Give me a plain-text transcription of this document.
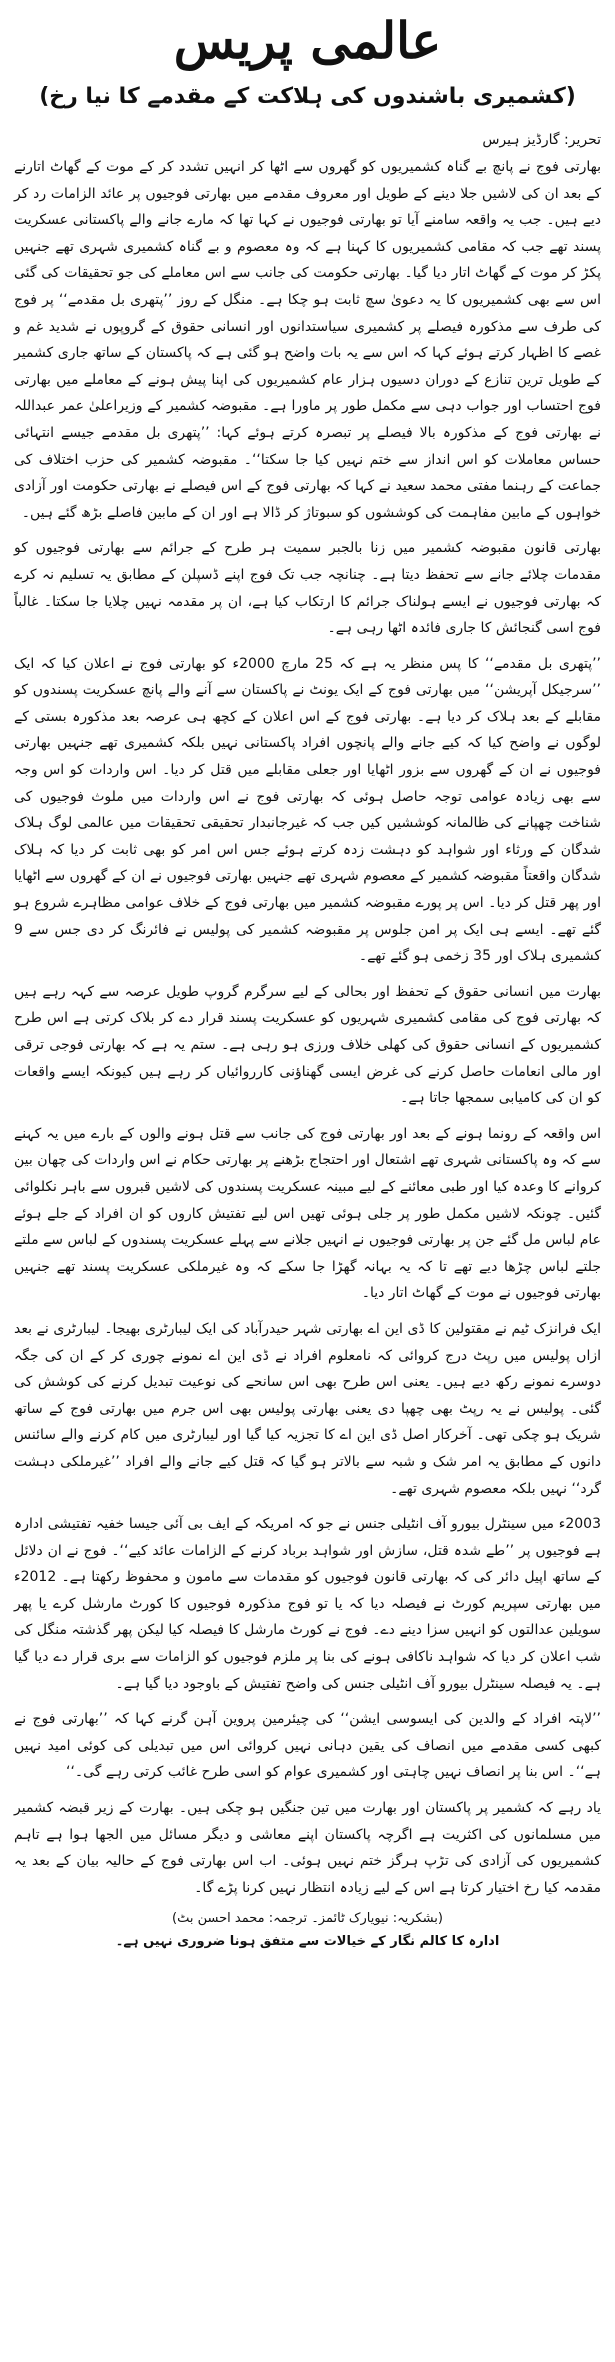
عالمی پریس
(کشمیری باشندوں کی ہلاکت کے مقدمے کا نیا رخ)
تحریر: گارڈیز ہیرس

بھارتی فوج نے پانچ بے گناہ کشمیریوں کو گھروں سے اٹھا کر انہیں تشدد کر کے موت کے گھاٹ اتارنے کے بعد ان کی لاشیں جلا دینے کے طویل اور معروف مقدمے میں بھارتی فوجیوں پر عائد الزامات رد کر دیے ہیں۔ جب یہ واقعہ سامنے آیا تو بھارتی فوجیوں نے کہا تھا کہ مارے جانے والے پاکستانی عسکریت پسند تھے جب کہ مقامی کشمیریوں کا کہنا ہے کہ وہ معصوم و بے گناہ کشمیری شہری تھے جنہیں پکڑ کر موت کے گھاٹ اتار دیا گیا۔ بھارتی حکومت کی جانب سے اس معاملے کی جو تحقیقات کی گئی اس سے بھی کشمیریوں کا یہ دعویٰ سچ ثابت ہو چکا ہے۔ منگل کے روز ’’پتھری بل مقدمے‘‘ پر فوج کی طرف سے مذکورہ فیصلے پر کشمیری سیاستدانوں اور انسانی حقوق کے گروپوں نے شدید غم و غصے کا اظہار کرتے ہوئے کہا کہ اس سے یہ بات واضح ہو گئی ہے کہ پاکستان کے ساتھ جاری کشمیر کے طویل ترین تنازع کے دوران دسیوں ہزار عام کشمیریوں کی اپنا پیش ہونے کے معاملے میں بھارتی فوج احتساب اور جواب دہی سے مکمل طور پر ماورا ہے۔ مقبوضہ کشمیر کے وزیراعلیٰ عمر عبداللہ نے بھارتی فوج کے مذکورہ بالا فیصلے پر تبصرہ کرتے ہوئے کہا: ’’پتھری بل مقدمے جیسے انتہائی حساس معاملات کو اس انداز سے ختم نہیں کیا جا سکتا‘‘۔ مقبوضہ کشمیر کی حزب اختلاف کی جماعت کے رہنما مفتی محمد سعید نے کہا کہ بھارتی فوج کے اس فیصلے نے بھارتی حکومت اور آزادی خواہوں کے مابین مفاہمت کی کوششوں کو سبوتاژ کر ڈالا ہے اور ان کے مابین فاصلے بڑھ گئے ہیں۔

بھارتی قانون مقبوضہ کشمیر میں زنا بالجبر سمیت ہر طرح کے جرائم سے بھارتی فوجیوں کو مقدمات چلائے جانے سے تحفظ دیتا ہے۔ چنانچہ جب تک فوج اپنے ڈسپلن کے مطابق یہ تسلیم نہ کرے کہ بھارتی فوجیوں نے ایسے ہولناک جرائم کا ارتکاب کیا ہے، ان پر مقدمہ نہیں چلایا جا سکتا۔ غالباً فوج اسی گنجائش کا جاری فائدہ اٹھا رہی ہے۔

’’پتھری بل مقدمے‘‘ کا پس منظر یہ ہے کہ 25 مارچ 2000ء کو بھارتی فوج نے اعلان کیا کہ ایک ’’سرجیکل آپریشن‘‘ میں بھارتی فوج کے ایک یونٹ نے پاکستان سے آنے والے پانچ عسکریت پسندوں کو مقابلے کے بعد ہلاک کر دیا ہے۔ بھارتی فوج کے اس اعلان کے کچھ ہی عرصہ بعد مذکورہ بستی کے لوگوں نے واضح کیا کہ کیے جانے والے پانچوں افراد پاکستانی نہیں بلکہ کشمیری تھے جنہیں بھارتی فوجیوں نے ان کے گھروں سے بزور اٹھایا اور جعلی مقابلے میں قتل کر دیا۔ اس واردات کو اس وجہ سے بھی زیادہ عوامی توجہ حاصل ہوئی کہ بھارتی فوج نے اس واردات میں ملوث فوجیوں کی شناخت چھپانے کی ظالمانہ کوششیں کیں جب کہ غیرجانبدار تحقیقی تحقیقات میں عالمی لوگ ہلاک شدگان کے ورثاء اور شواہد کو دہشت زدہ کرتے ہوئے جس اس امر کو بھی ثابت کر دیا کہ ہلاک شدگان واقعتاً مقبوضہ کشمیر کے معصوم شہری تھے جنہیں بھارتی فوجیوں نے ان کے گھروں سے اٹھایا اور پھر قتل کر دیا۔ اس پر پورے مقبوضہ کشمیر میں بھارتی فوج کے خلاف عوامی مظاہرے شروع ہو گئے تھے۔ ایسے ہی ایک پر امن جلوس پر مقبوضہ کشمیر کی پولیس نے فائرنگ کر دی جس سے 9 کشمیری ہلاک اور 35 زخمی ہو گئے تھے۔

بھارت میں انسانی حقوق کے تحفظ اور بحالی کے لیے سرگرم گروپ طویل عرصہ سے کہہ رہے ہیں کہ بھارتی فوج کی مقامی کشمیری شہریوں کو عسکریت پسند قرار دے کر بلاک کرتی ہے اس طرح کشمیریوں کے انسانی حقوق کی کھلی خلاف ورزی ہو رہی ہے۔ ستم یہ ہے کہ بھارتی فوجی ترقی اور مالی انعامات حاصل کرنے کی غرض ایسی گھناؤنی کارروائیاں کر رہے ہیں کیونکہ ایسے واقعات کو ان کی کامیابی سمجھا جاتا ہے۔

اس واقعہ کے رونما ہونے کے بعد اور بھارتی فوج کی جانب سے قتل ہونے والوں کے بارے میں یہ کہنے سے کہ وہ پاکستانی شہری تھے اشتعال اور احتجاج بڑھنے پر بھارتی حکام نے اس واردات کی چھان بین کروانے کا وعدہ کیا اور طبی معائنے کے لیے مبینہ عسکریت پسندوں کی لاشیں قبروں سے باہر نکلوائی گئیں۔ چونکہ لاشیں مکمل طور پر جلی ہوئی تھیں اس لیے تفتیش کاروں کو ان افراد کے جلے ہوئے عام لباس مل گئے جن پر بھارتی فوجیوں نے انہیں جلانے سے پہلے عسکریت پسندوں کے لباس سے ملتے جلتے لباس چڑھا دیے تھے تا کہ یہ بہانہ گھڑا جا سکے کہ وہ غیرملکی عسکریت پسند تھے جنہیں بھارتی فوجیوں نے موت کے گھاٹ اتار دیا۔

ایک فرانزک ٹیم نے مقتولین کا ڈی این اے بھارتی شہر حیدرآباد کی ایک لیبارٹری بھیجا۔ لیبارٹری نے بعد ازاں پولیس میں رپٹ درج کروائی کہ نامعلوم افراد نے ڈی این اے نمونے چوری کر کے ان کی جگہ دوسرے نمونے رکھ دیے ہیں۔ یعنی اس طرح بھی اس سانحے کی نوعیت تبدیل کرنے کی کوشش کی گئی۔ پولیس نے یہ رپٹ بھی چھپا دی یعنی بھارتی پولیس بھی اس جرم میں بھارتی فوج کے ساتھ شریک ہو چکی تھی۔ آخرکار اصل ڈی این اے کا تجزیہ کیا گیا اور لیبارٹری میں کام کرنے والے سائنس دانوں کے مطابق یہ امر شک و شبہ سے بالاتر ہو گیا کہ قتل کیے جانے والے افراد ’’غیرملکی دہشت گرد‘‘ نہیں بلکہ معصوم شہری تھے۔

2003ء میں سینٹرل بیورو آف انٹیلی جنس نے جو کہ امریکہ کے ایف بی آئی جیسا خفیہ تفتیشی ادارہ ہے فوجیوں پر ’’طے شدہ قتل، سازش اور شواہد برباد کرنے کے الزامات عائد کیے‘‘۔ فوج نے ان دلائل کے ساتھ اپیل دائر کی کہ بھارتی قانون فوجیوں کو مقدمات سے مامون و محفوظ رکھتا ہے۔ 2012ء میں بھارتی سپریم کورٹ نے فیصلہ دیا کہ یا تو فوج مذکورہ فوجیوں کا کورٹ مارشل کرے یا پھر سویلین عدالتوں کو انہیں سزا دینے دے۔ فوج نے کورٹ مارشل کا فیصلہ کیا لیکن پھر گذشتہ منگل کی شب اعلان کر دیا کہ شواہد ناکافی ہونے کی بنا پر ملزم فوجیوں کو الزامات سے بری قرار دے دیا گیا ہے۔ یہ فیصلہ سینٹرل بیورو آف انٹیلی جنس کی واضح تفتیش کے باوجود دیا گیا ہے۔

’’لاپتہ افراد کے والدین کی ایسوسی ایشن‘‘ کی چیئرمین پروین آہن گرنے کہا کہ ’’بھارتی فوج نے کبھی کسی مقدمے میں انصاف کی یقین دہانی نہیں کروائی اس میں تبدیلی کی کوئی امید نہیں ہے‘‘۔ اس بنا پر انصاف نہیں چاہتی اور کشمیری عوام کو اسی طرح غائب کرتی رہے گی۔‘‘

یاد رہے کہ کشمیر پر پاکستان اور بھارت میں تین جنگیں ہو چکی ہیں۔ بھارت کے زیر قبضہ کشمیر میں مسلمانوں کی اکثریت ہے اگرچہ پاکستان اپنے معاشی و دیگر مسائل میں الجھا ہوا ہے تاہم کشمیریوں کی آزادی کی تڑپ ہرگز ختم نہیں ہوئی۔ اب اس بھارتی فوج کے حالیہ بیان کے بعد یہ مقدمہ کیا رخ اختیار کرتا ہے اس کے لیے زیادہ انتظار نہیں کرنا پڑے گا۔

(بشکریہ: نیویارک ٹائمز۔ ترجمہ: محمد احسن بٹ)
ادارہ کا کالم نگار کے خیالات سے متفق ہونا ضروری نہیں ہے۔
